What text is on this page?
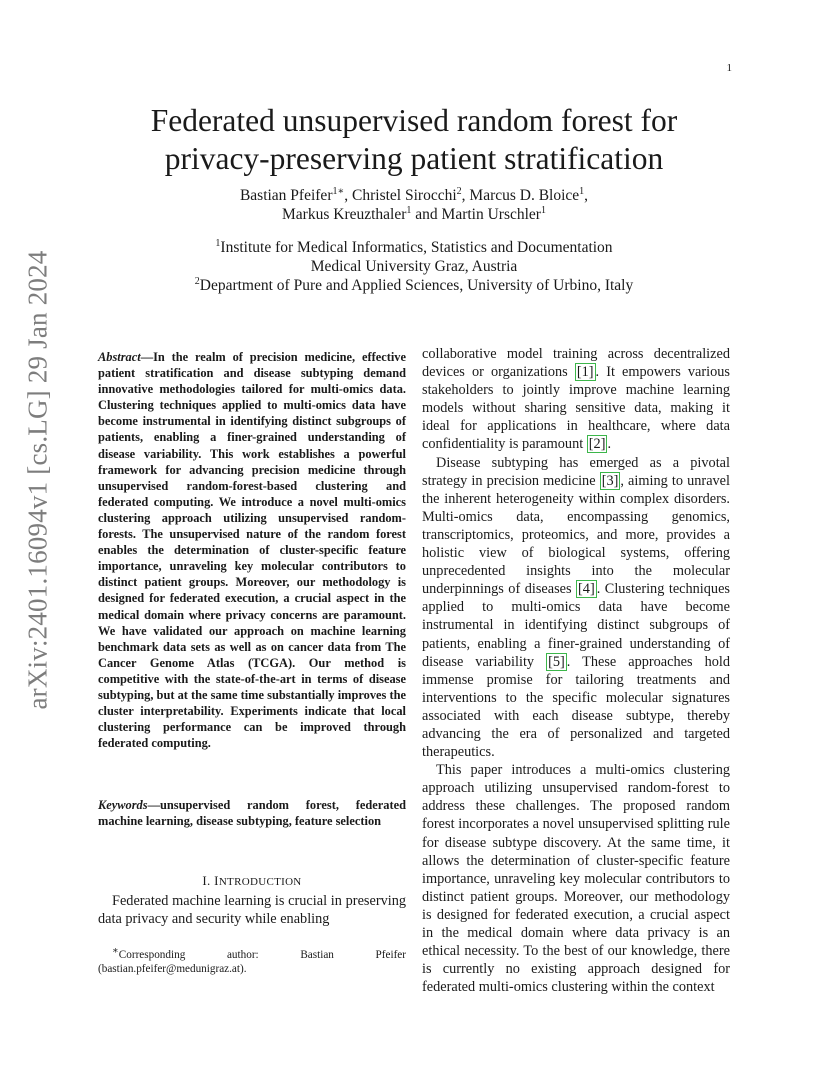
1
arXiv:2401.16094v1 [cs.LG] 29 Jan 2024
Federated unsupervised random forest for
privacy-preserving patient stratification
Bastian Pfeifer$^{1∗}$, Christel Sirocchi$^2$, Marcus D. Bloice$^1$,
Markus Kreuzthaler$^1$ and Martin Urschler$^1$
$^1$Institute for Medical Informatics, Statistics and Documentation
Medical University Graz, Austria
$^2$Department of Pure and Applied Sciences, University of Urbino, Italy
Abstract—In the realm of precision medicine, effective patient stratification and disease subtyping demand innovative methodologies tailored for multi-omics data. Clustering techniques applied to multi-omics data have become instrumental in identifying distinct subgroups of patients, enabling a finer-grained understanding of disease variability. This work establishes a powerful framework for advancing precision medicine through unsupervised random-forest-based clustering and federated computing. We introduce a novel multi-omics clustering approach utilizing unsupervised random-forests. The unsupervised nature of the random forest enables the determination of cluster-specific feature importance, unraveling key molecular contributors to distinct patient groups. Moreover, our methodology is designed for federated execution, a crucial aspect in the medical domain where privacy concerns are paramount. We have validated our approach on machine learning benchmark data sets as well as on cancer data from The Cancer Genome Atlas (TCGA). Our method is competitive with the state-of-the-art in terms of disease subtyping, but at the same time substantially improves the cluster interpretability. Experiments indicate that local clustering performance can be improved through federated computing.
Keywords—unsupervised random forest, federated machine learning, disease subtyping, feature selection
I. INTRODUCTION
Federated machine learning is crucial in preserving data privacy and security while enabling
∗Corresponding author: Bastian Pfeifer (bastian.pfeifer@medunigraz.at).

collaborative model training across decentralized devices or organizations [1] . It empowers various stakeholders to jointly improve machine learning models without sharing sensitive data, making it ideal for applications in healthcare, where data confidentiality is paramount [2] .

Disease subtyping has emerged as a pivotal strategy in precision medicine [3] , aiming to unravel the inherent heterogeneity within complex disorders. Multi-omics data, encompassing genomics, transcriptomics, proteomics, and more, provides a holistic view of biological systems, offering unprecedented insights into the molecular underpinnings of diseases [4] . Clustering techniques applied to multi-omics data have become instrumental in identifying distinct subgroups of patients, enabling a finer-grained understanding of disease variability [5] . These approaches hold immense promise for tailoring treatments and interventions to the specific molecular signatures associated with each disease subtype, thereby advancing the era of personalized and targeted therapeutics.

This paper introduces a multi-omics clustering approach utilizing unsupervised random-forest to address these challenges. The proposed random forest incorporates a novel unsupervised splitting rule for disease subtype discovery. At the same time, it allows the determination of cluster-specific feature importance, unraveling key molecular contributors to distinct patient groups. Moreover, our methodology is designed for federated execution, a crucial aspect in the medical domain where data privacy is an ethical necessity. To the best of our knowledge, there is currently no existing approach designed for federated multi-omics clustering within the context
